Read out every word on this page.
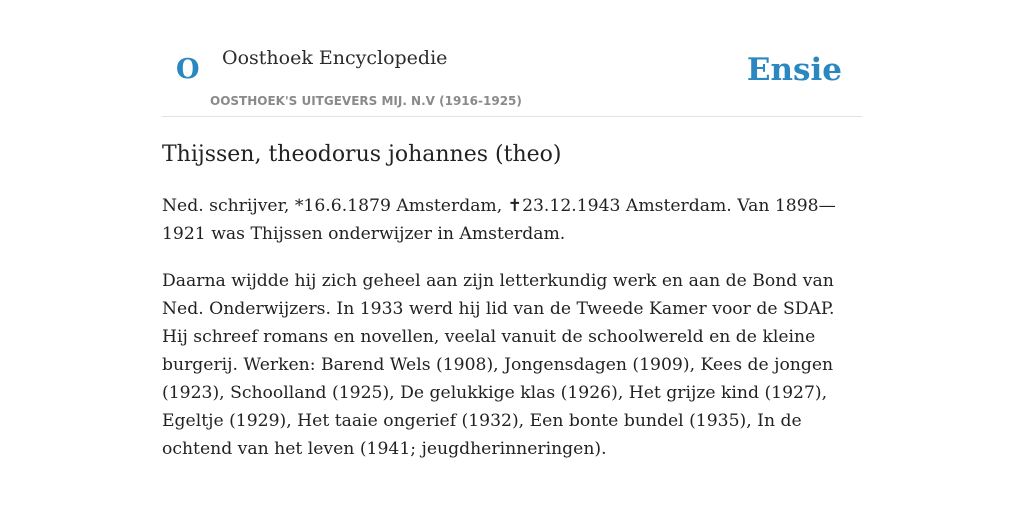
O Oosthoek Encyclopedie
OOSTHOEK'S UITGEVERS MIJ. N.V (1916-1925)
Ensie
Thijssen, theodorus johannes (theo)

Ned. schrijver, *16.6.1879 Amsterdam, ✝23.12.1943 Amsterdam. Van 1898—1921 was Thijssen onderwijzer in Amsterdam.

Daarna wijdde hij zich geheel aan zijn letterkundig werk en aan de Bond van Ned. Onderwijzers. In 1933 werd hij lid van de Tweede Kamer voor de SDAP. Hij schreef romans en novellen, veelal vanuit de schoolwereld en de kleine burgerij. Werken: Barend Wels (1908), Jongensdagen (1909), Kees de jongen (1923), Schoolland (1925), De gelukkige klas (1926), Het grijze kind (1927), Egeltje (1929), Het taaie ongerief (1932), Een bonte bundel (1935), In de ochtend van het leven (1941; jeugdherinneringen).
